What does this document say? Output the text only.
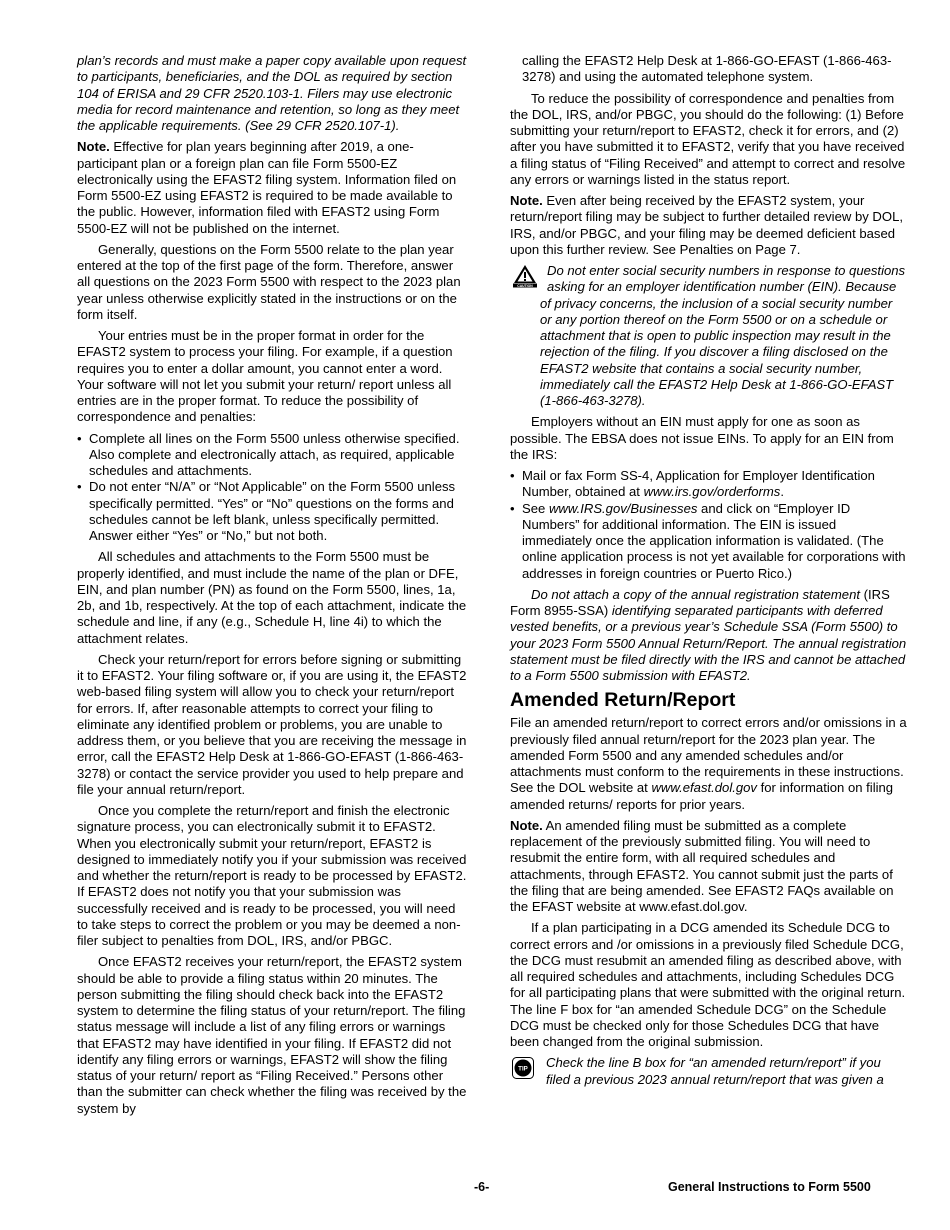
plan’s records and must make a paper copy available upon request to participants, beneficiaries, and the DOL as required by section 104 of ERISA and 29 CFR 2520.103-1. Filers may use electronic media for record maintenance and retention, so long as they meet the applicable requirements. (See 29 CFR 2520.107-1).

Note. Effective for plan years beginning after 2019, a one-participant plan or a foreign plan can file Form 5500-EZ electronically using the EFAST2 filing system. Information filed on Form 5500-EZ using EFAST2 is required to be made available to the public. However, information filed with EFAST2 using Form 5500-EZ will not be published on the internet.

Generally, questions on the Form 5500 relate to the plan year entered at the top of the first page of the form. Therefore, answer all questions on the 2023 Form 5500 with respect to the 2023 plan year unless otherwise explicitly stated in the instructions or on the form itself.

Your entries must be in the proper format in order for the EFAST2 system to process your filing. For example, if a question requires you to enter a dollar amount, you cannot enter a word. Your software will not let you submit your return/ report unless all entries are in the proper format. To reduce the possibility of correspondence and penalties:

• Complete all lines on the Form 5500 unless otherwise specified. Also complete and electronically attach, as required, applicable schedules and attachments.
• Do not enter “N/A” or “Not Applicable” on the Form 5500 unless specifically permitted. “Yes” or “No” questions on the forms and schedules cannot be left blank, unless specifically permitted. Answer either “Yes” or “No,” but not both.

All schedules and attachments to the Form 5500 must be properly identified, and must include the name of the plan or DFE, EIN, and plan number (PN) as found on the Form 5500, lines, 1a, 2b, and 1b, respectively. At the top of each attachment, indicate the schedule and line, if any (e.g., Schedule H, line 4i) to which the attachment relates.

Check your return/report for errors before signing or submitting it to EFAST2. Your filing software or, if you are using it, the EFAST2 web-based filing system will allow you to check your return/report for errors. If, after reasonable attempts to correct your filing to eliminate any identified problem or problems, you are unable to address them, or you believe that you are receiving the message in error, call the EFAST2 Help Desk at 1-866-GO-EFAST (1-866-463-3278) or contact the service provider you used to help prepare and file your annual return/report.

Once you complete the return/report and finish the electronic signature process, you can electronically submit it to EFAST2. When you electronically submit your return/report, EFAST2 is designed to immediately notify you if your submission was received and whether the return/report is ready to be processed by EFAST2. If EFAST2 does not notify you that your submission was successfully received and is ready to be processed, you will need to take steps to correct the problem or you may be deemed a non-filer subject to penalties from DOL, IRS, and/or PBGC.

Once EFAST2 receives your return/report, the EFAST2 system should be able to provide a filing status within 20 minutes. The person submitting the filing should check back into the EFAST2 system to determine the filing status of your return/report. The filing status message will include a list of any filing errors or warnings that EFAST2 may have identified in your filing. If EFAST2 did not identify any filing errors or warnings, EFAST2 will show the filing status of your return/ report as “Filing Received.” Persons other than the submitter can check whether the filing was received by the system by

calling the EFAST2 Help Desk at 1-866-GO-EFAST (1-866-463-3278) and using the automated telephone system.

To reduce the possibility of correspondence and penalties from the DOL, IRS, and/or PBGC, you should do the following: (1) Before submitting your return/report to EFAST2, check it for errors, and (2) after you have submitted it to EFAST2, verify that you have received a filing status of “Filing Received” and attempt to correct and resolve any errors or warnings listed in the status report.

Note. Even after being received by the EFAST2 system, your return/report filing may be subject to further detailed review by DOL, IRS, and/or PBGC, and your filing may be deemed deficient based upon this further review. See Penalties on Page 7.

CAUTION

Do not enter social security numbers in response to questions asking for an employer identification number (EIN). Because of privacy concerns, the inclusion of a social security number or any portion thereof on the Form 5500 or on a schedule or attachment that is open to public inspection may result in the rejection of the filing. If you discover a filing disclosed on the EFAST2 website that contains a social security number, immediately call the EFAST2 Help Desk at 1-866-GO-EFAST (1-866-463-3278).

Employers without an EIN must apply for one as soon as possible. The EBSA does not issue EINs. To apply for an EIN from the IRS:

• Mail or fax Form SS-4, Application for Employer Identification Number, obtained at www.irs.gov/orderforms.
• See www.IRS.gov/Businesses and click on “Employer ID Numbers” for additional information. The EIN is issued immediately once the application information is validated. (The online application process is not yet available for corporations with addresses in foreign countries or Puerto Rico.)

Do not attach a copy of the annual registration statement (IRS Form 8955-SSA) identifying separated participants with deferred vested benefits, or a previous year’s Schedule SSA (Form 5500) to your 2023 Form 5500 Annual Return/Report. The annual registration statement must be filed directly with the IRS and cannot be attached to a Form 5500 submission with EFAST2.

Amended Return/Report

File an amended return/report to correct errors and/or omissions in a previously filed annual return/report for the 2023 plan year. The amended Form 5500 and any amended schedules and/or attachments must conform to the requirements in these instructions. See the DOL website at www.efast.dol.gov for information on filing amended returns/ reports for prior years.

Note. An amended filing must be submitted as a complete replacement of the previously submitted filing. You will need to resubmit the entire form, with all required schedules and attachments, through EFAST2. You cannot submit just the parts of the filing that are being amended. See EFAST2 FAQs available on the EFAST website at www.efast.dol.gov.

If a plan participating in a DCG amended its Schedule DCG to correct errors and /or omissions in a previously filed Schedule DCG, the DCG must resubmit an amended filing as described above, with all required schedules and attachments, including Schedules DCG for all participating plans that were submitted with the original return. The line F box for “an amended Schedule DCG” on the Schedule DCG must be checked only for those Schedules DCG that have been changed from the original submission.

TIP	Check the line B box for “an amended return/report” if you filed a previous 2023 annual return/report that was given a

-6-	General Instructions to Form 5500
